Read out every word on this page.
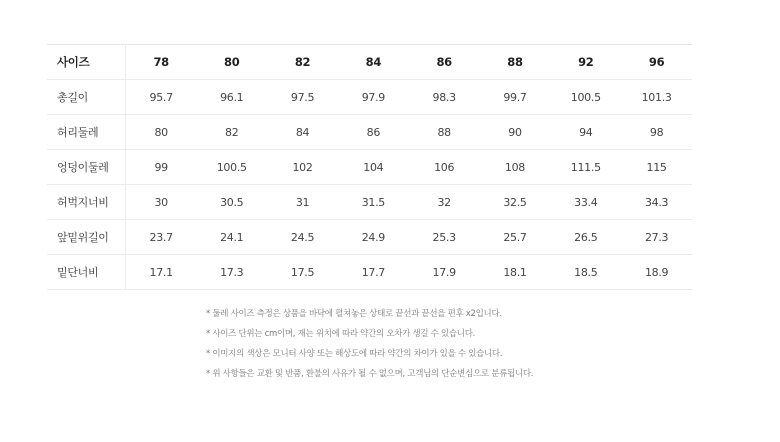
사이즈	78	80	82	84	86	88	92	96
총길이	95.7	96.1	97.5	97.9	98.3	99.7	100.5	101.3
허리둘레	80	82	84	86	88	90	94	98
엉덩이둘레	99	100.5	102	104	106	108	111.5	115
허벅지너비	30	30.5	31	31.5	32	32.5	33.4	34.3
앞밑위길이	23.7	24.1	24.5	24.9	25.3	25.7	26.5	27.3
밑단너비	17.1	17.3	17.5	17.7	17.9	18.1	18.5	18.9
* 둘레 사이즈 측정은 상품을 바닥에 펼쳐놓은 상태로 끝선과 끝선을 편후 x2입니다.
* 사이즈 단위는 cm이며, 재는 위치에 따라 약간의 오차가 생길 수 있습니다.
* 이미지의 색상은 모니터 사양 또는 해상도에 따라 약간의 차이가 있을 수 있습니다.
* 위 사항들은 교환 및 반품, 환불의 사유가 될 수 없으며, 고객님의 단순변심으로 분류됩니다.
